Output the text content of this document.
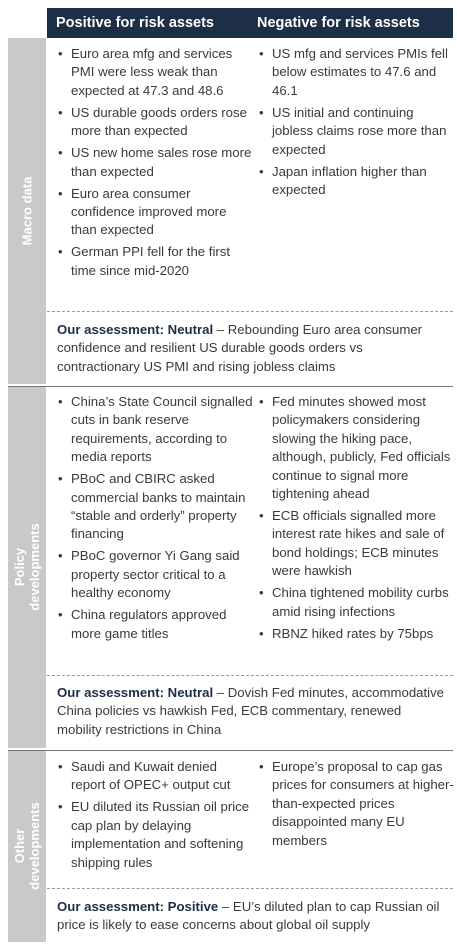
Positive for risk assets	Negative for risk assets
Macro data
Policy developments
Other developments
• Euro area mfg and services PMI were less weak than expected at 47.3 and 48.6
• US durable goods orders rose more than expected
• US new home sales rose more than expected
• Euro area consumer confidence improved more than expected
• German PPI fell for the first time since mid-2020
• US mfg and services PMIs fell below estimates to 47.6 and 46.1
• US initial and continuing jobless claims rose more than expected
• Japan inflation higher than expected
Our assessment: Neutral – Rebounding Euro area consumer confidence and resilient US durable goods orders vs contractionary US PMI and rising jobless claims
• China’s State Council signalled cuts in bank reserve requirements, according to media reports
• PBoC and CBIRC asked commercial banks to maintain “stable and orderly” property financing
• PBoC governor Yi Gang said property sector critical to a healthy economy
• China regulators approved more game titles
• Fed minutes showed most policymakers considering slowing the hiking pace, although, publicly, Fed officials continue to signal more tightening ahead
• ECB officials signalled more interest rate hikes and sale of bond holdings; ECB minutes were hawkish
• China tightened mobility curbs amid rising infections
• RBNZ hiked rates by 75bps
Our assessment: Neutral – Dovish Fed minutes, accommodative China policies vs hawkish Fed, ECB commentary, renewed mobility restrictions in China
• Saudi and Kuwait denied report of OPEC+ output cut
• EU diluted its Russian oil price cap plan by delaying implementation and softening shipping rules
• Europe’s proposal to cap gas prices for consumers at higher-than-expected prices disappointed many EU members
Our assessment: Positive – EU’s diluted plan to cap Russian oil price is likely to ease concerns about global oil supply
